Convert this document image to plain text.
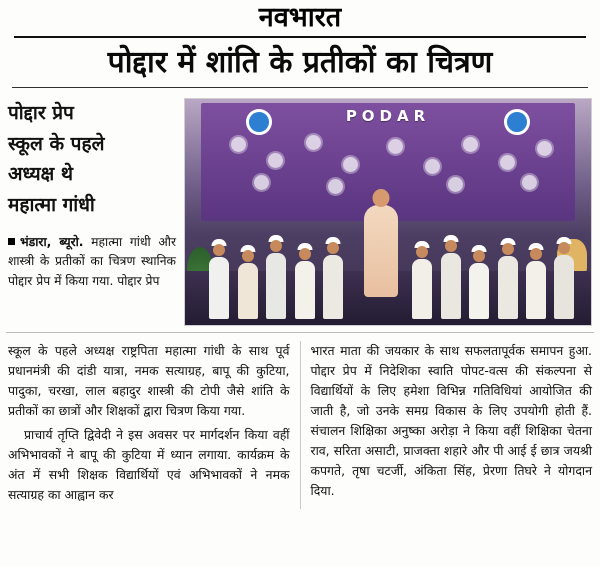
नवभारत
पोद्दार में शांति के प्रतीकों का चित्रण
पोद्दार प्रेप
स्कूल के पहले
अध्यक्ष थे
महात्मा गांधी
भंडारा, ब्यूरो. महात्मा गांधी और शास्त्री के प्रतीकों का चित्रण स्थानिक पोद्दार प्रेप में किया गया. पोद्दार प्रेप
PODAR

स्कूल के पहले अध्यक्ष राष्ट्रपिता महात्मा गांधी के साथ पूर्व प्रधानमंत्री की दांडी यात्रा, नमक सत्याग्रह, बापू की कुटिया, पादुका, चरखा, लाल बहादुर शास्त्री की टोपी जैसे शांति के प्रतीकों का छात्रों और शिक्षकों द्वारा चित्रण किया गया.

प्राचार्य तृप्ति द्विवेदी ने इस अवसर पर मार्गदर्शन किया वहीं अभिभावकों ने बापू की कुटिया में ध्यान लगाया. कार्यक्रम के अंत में सभी शिक्षक विद्यार्थियों एवं अभिभावकों ने नमक सत्याग्रह का आह्वान कर

भारत माता की जयकार के साथ सफलतापूर्वक समापन हुआ. पोद्दार प्रेप में निदेशिका स्वाति पोपट-वत्स की संकल्पना से विद्यार्थियों के लिए हमेशा विभिन्न गतिविधियां आयोजित की जाती है, जो उनके समग्र विकास के लिए उपयोगी होती हैं. संचालन शिक्षिका अनुष्का अरोड़ा ने किया वहीं शिक्षिका चेतना राव, सरिता असाटी, प्राजक्ता शहारे और पी आई ई छात्र जयश्री कपगते, तृषा चटर्जी, अंकिता सिंह, प्रेरणा तिघरे ने योगदान दिया.
